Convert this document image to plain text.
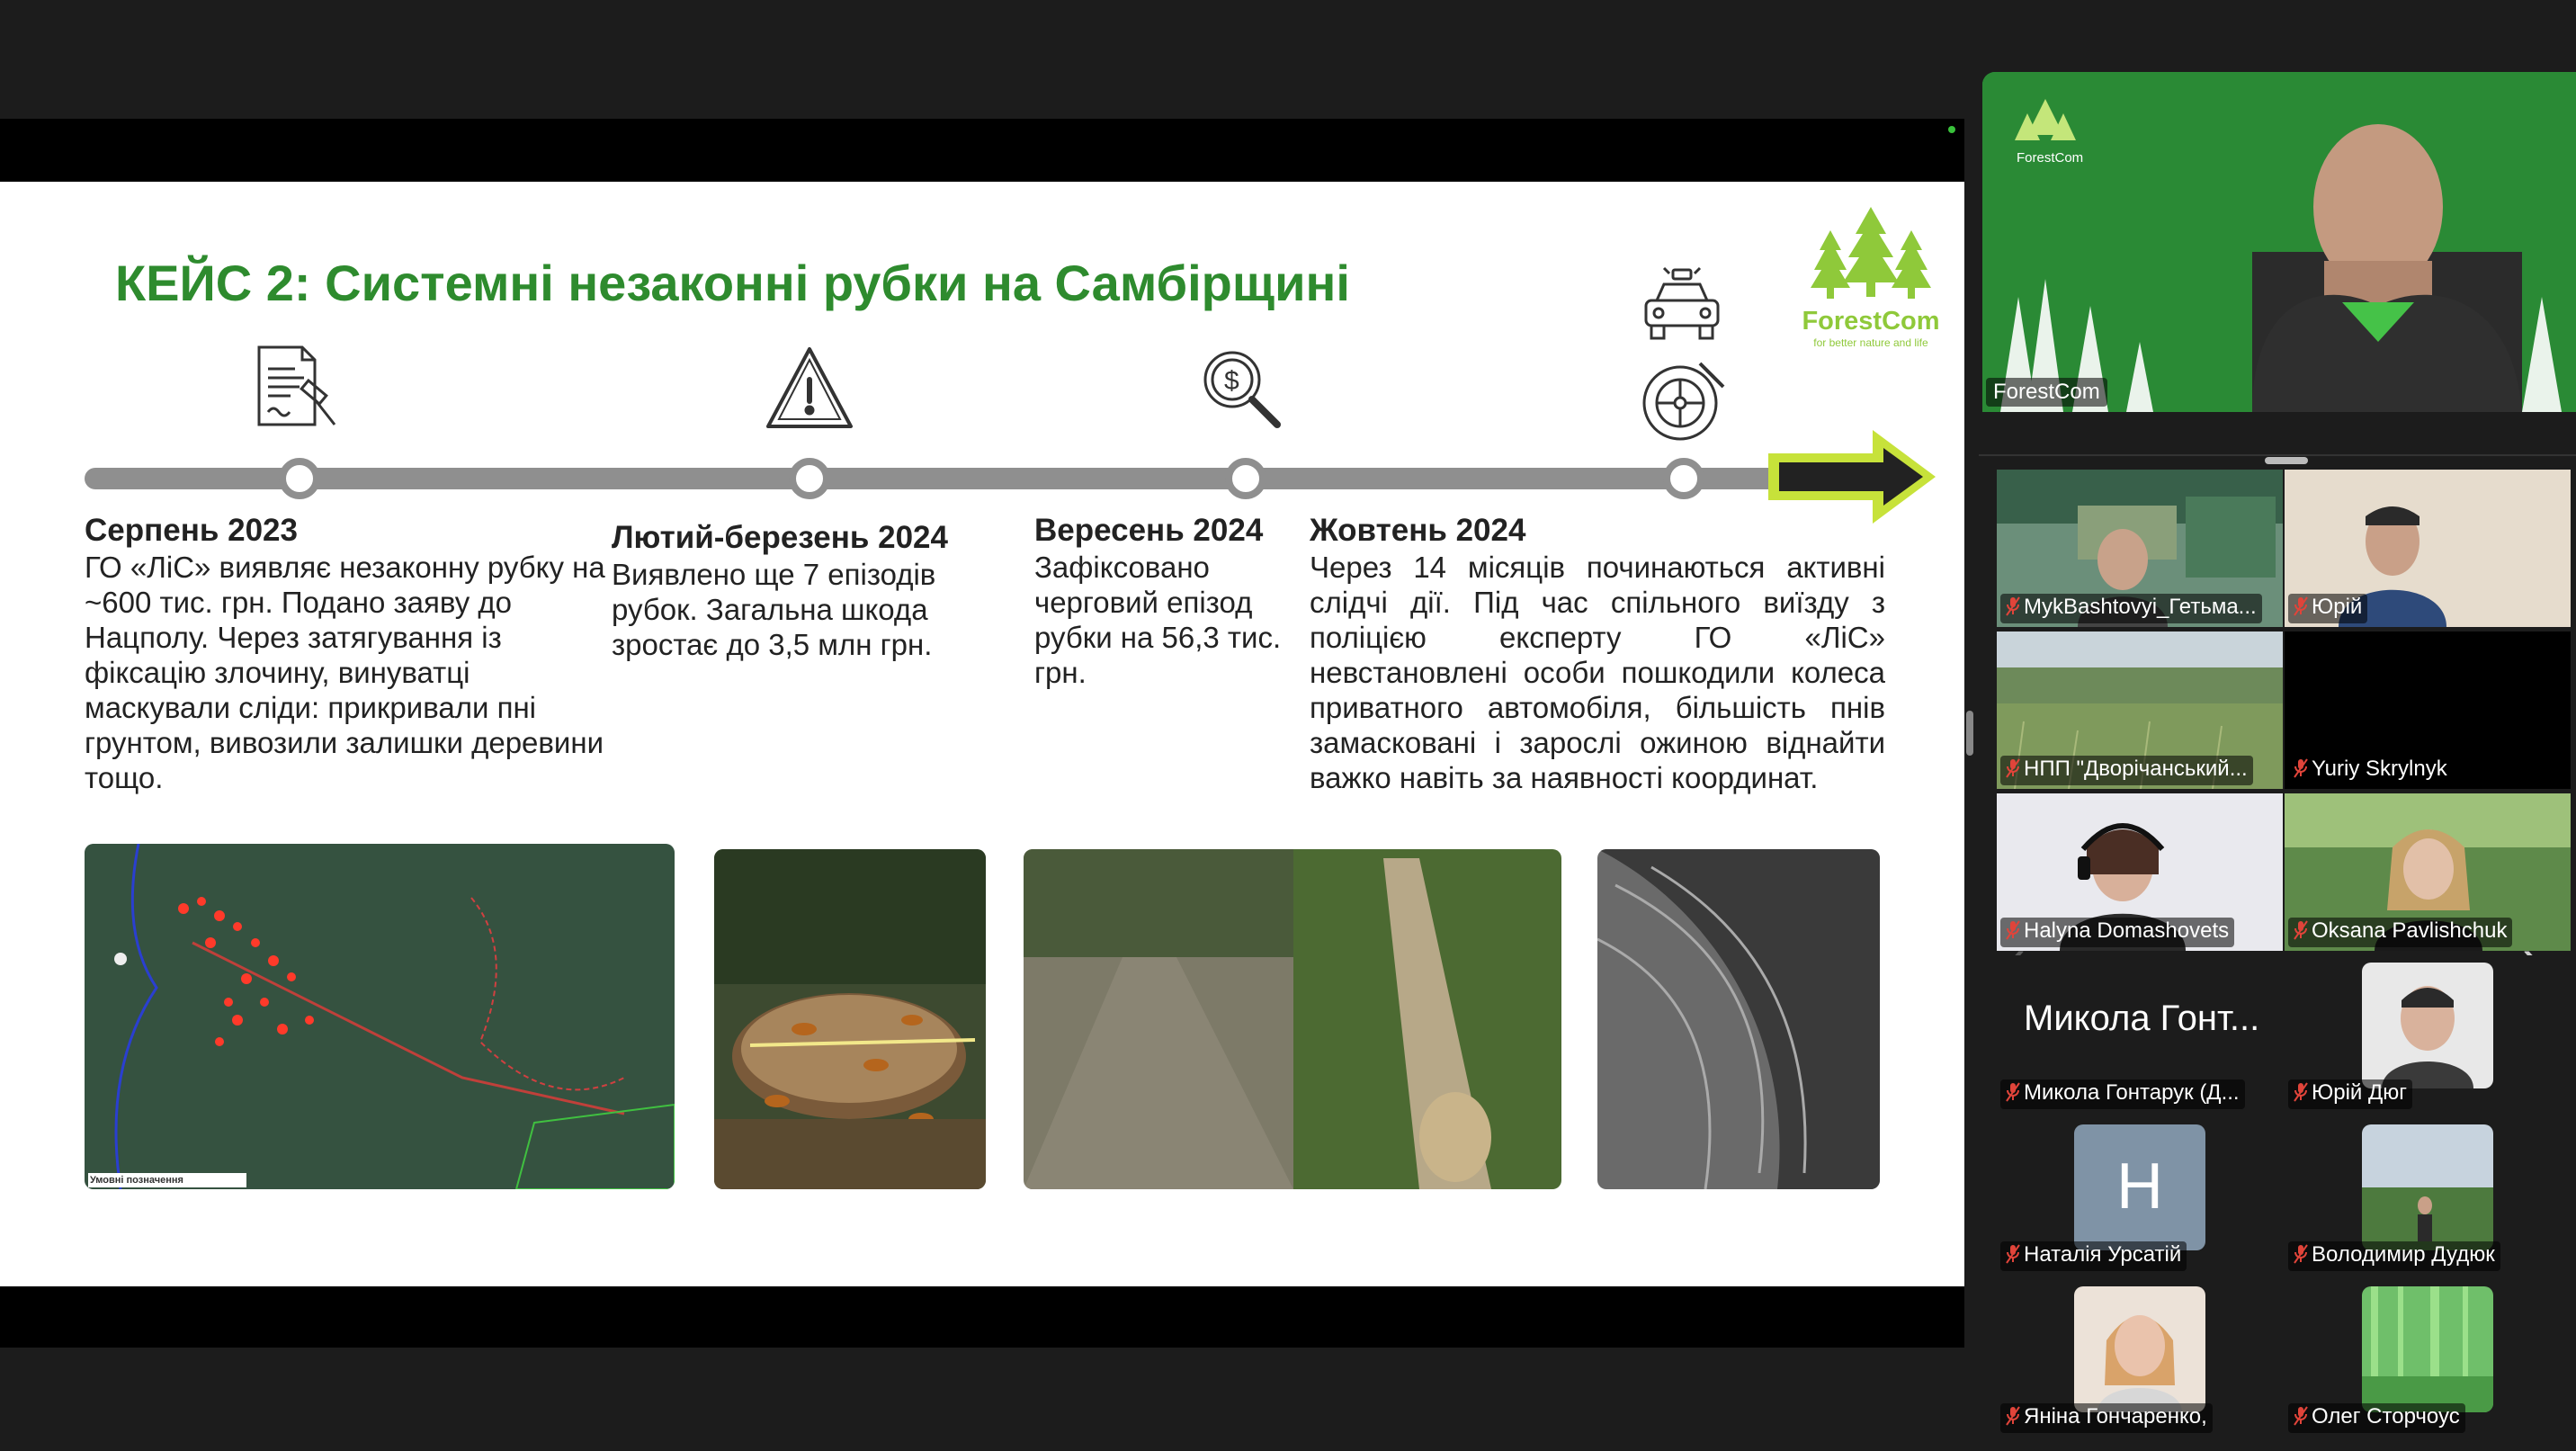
КЕЙС 2: Системні незаконні рубки на Самбірщині
ForestCom
for better nature and life
$
Серпень 2023
ГО «ЛіС» виявляє незаконну рубку на ~600 тис. грн. Подано заяву до Нацполу. Через затягування із фіксацію злочину, винуватці маскували сліди: прикривали пні грунтом, вивозили залишки деревини тощо.
Лютий-березень 2024
Виявлено ще 7 епізодів рубок. Загальна шкода зростає до 3,5 млн грн.
Вересень 2024
Зафіксовано черговий епізод рубки на 56,3 тис. грн.
Жовтень 2024
Через 14 місяців починаються активні слідчі дії. Під час спільного виїзду з поліцією експерту ГО «ЛіС» невстановлені особи пошкодили колеса приватного автомобіля, більшість пнів замасковані і зарослі ожиною віднайти важко навіть за наявності координат.
Умовні позначення
ForestCom
ForestCom
MykBashtovyi_Гетьма...	Юрій
НПП "Дворічанський...	Yuriy Skrylnyk
Halyna Domashovets	Oksana Pavlishchuk
Микола Гонт...
Микола Гонтарук (Д...	Юрій Дюг
Н
Наталія Урсатій	Володимир Дудюк
Яніна Гончаренко,	Олег Сторчоус
